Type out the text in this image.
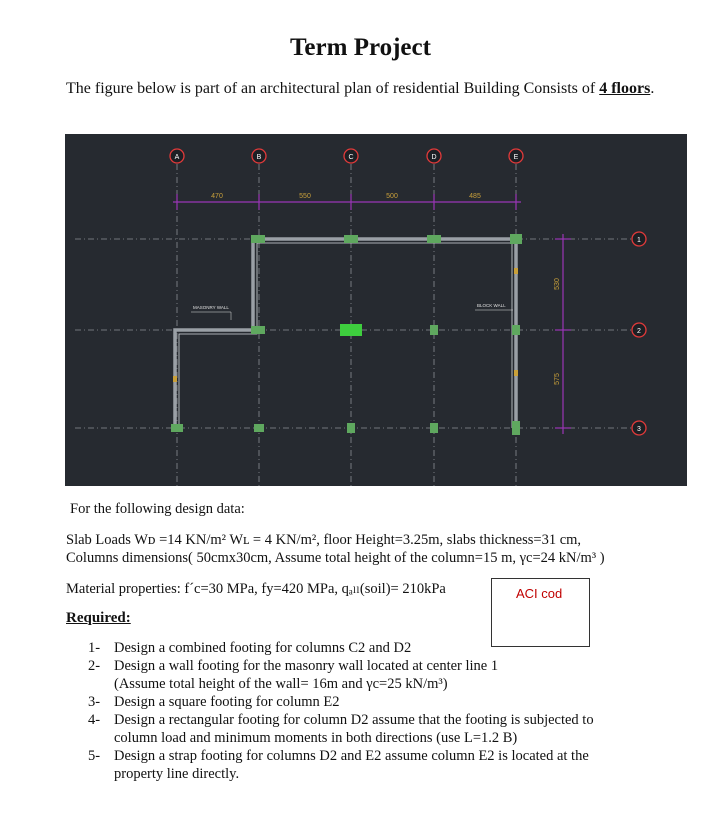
Term Project
The figure below is part of an architectural plan of residential Building Consists of 4 floors.
MASONRY WALL	BLOCK WALL
470	550	500	485
530
575
A	B	C	D	E
1
2
3
For the following design data:
Slab Loads Wᴅ =14 KN/m² Wʟ = 4 KN/m², floor Height=3.25m, slabs thickness=31 cm,
Columns dimensions( 50cmx30cm, Assume total height of the column=15 m, γc=24 kN/m³ )
Material properties: f´c=30 MPa, fy=420 MPa, qₐₗₗ(soil)= 210kPa	ACI cod
Required:
1- Design a combined footing for columns C2 and D2
2- Design a wall footing for the masonry wall located at center line 1
(Assume total height of the wall= 16m and γc=25 kN/m³)
3- Design a square footing for column E2
4- Design a rectangular footing for column D2 assume that the footing is subjected to
column load and minimum moments in both directions (use L=1.2 B)
5- Design a strap footing for columns D2 and E2 assume column E2 is located at the
property line directly.
